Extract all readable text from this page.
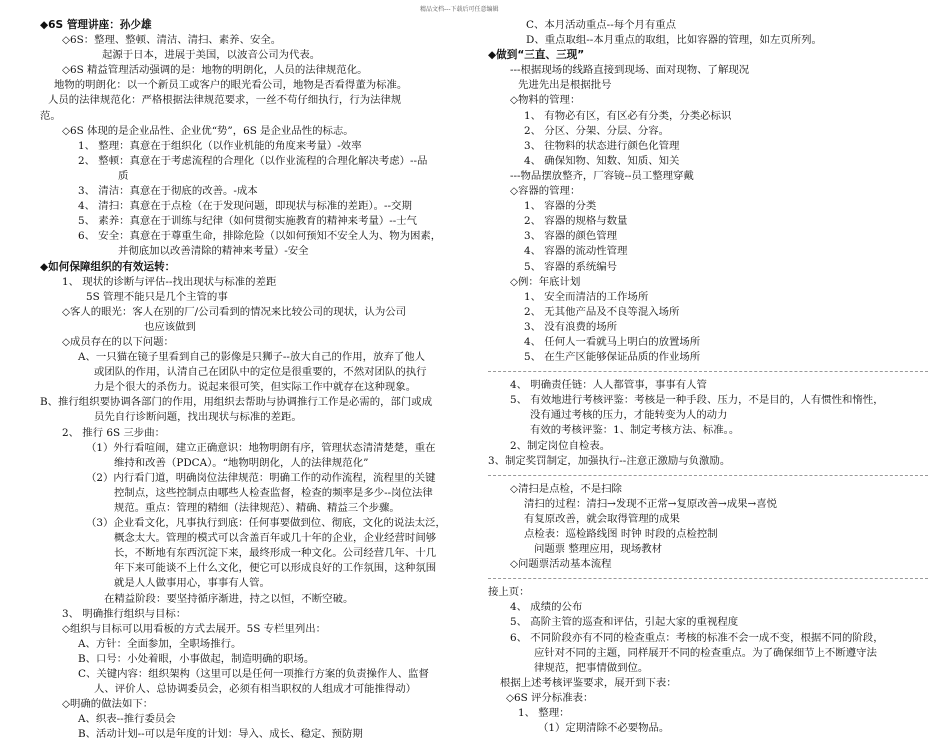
精品文档---下载后可任意编辑
◆6S 管理讲座：孙少雄
◇6S：整理、整顿、清洁、清扫、素养、安全。
起源于日本，进展于美国，以波音公司为代表。
◇6S 精益管理活动强调的是：地物的明朗化，人员的法律规范化。
地物的明朗化：以一个新员工或客户的眼光看公司，地物是否看得董为标准。
人员的法律规范化：严格根据法律规范要求，一丝不苟仔细执行，行为法律规
范。
◇6S 体现的是企业品性、企业优“势”，6S 是企业品性的标志。
1、 整理：真意在于组织化（以作业机能的角度来考量）-效率
2、 整顿：真意在于考虑流程的合理化（以作业流程的合理化解决考虑）--品
质
3、 清洁：真意在于彻底的改善。-成本
4、 清扫：真意在于点检（在于发现问题，即现状与标准的差距）。--交期
5、 素养：真意在于训练与纪律（如何贯彻实施教育的精神来考量）--士气
6、 安全：真意在于尊重生命，排除危险（以如何预知不安全人为、物为困素，
并彻底加以改善清除的精神来考量）-安全
◆如何保障组织的有效运转：
1、 现状的诊断与评估--找出现状与标准的差距
5S 管理不能只是几个主管的事
◇客人的眼光：客人在别的厂/公司看到的情况来比较公司的现状，认为公司
也应该做到
◇成员存在的以下问题：
A、一只猫在镜子里看到自己的影像是只狮子--放大自己的作用，放弃了他人
或团队的作用，认清自己在团队中的定位是很重要的，不然对团队的执行
力是个很大的杀伤力。说起来很可笑，但实际工作中就存在这种现象。
B、推行组织要协调各部门的作用，用组织去帮助与协调推行工作是必需的，部门或成
员先自行诊断问题，找出现状与标准的差距。
2、 推行 6S 三步曲：
（1）外行看喧闹，建立正确意识：地物明朗有序，管理状态清清楚楚，重在
维持和改善（PDCA）。“地物明朗化，人的法律规范化”
（2）内行看门道，明确岗位法律规范：明确工作的动作流程，流程里的关键
控制点，这些控制点由哪些人检查监督，检查的频率是多少--岗位法律
规范。重点：管理的精细（法律规范）、精确、精益三个步骤。
（3）企业看文化，凡事执行到底：任何事要做到位、彻底，文化的说法太泛，
概念太大。管理的模式可以含盖百年或几十年的企业，企业经营时间够
长，不断地有东西沉淀下来，最终形成一种文化。公司经营几年、十几
年下来可能谈不上什么文化，便它可以形成良好的工作氛围，这种氛围
就是人人做事用心，事事有人管。
在精益阶段：要坚持循序渐进，持之以恒，不断空破。
3、 明确推行组织与目标：
◇组织与目标可以用看板的方式去展开。5S 专栏里列出：
A、方针：全面参加，全职场推行。
B、口号：小处着眼，小事做起，制造明确的职场。
C、关键内容：组织架构（这里可以是任何一项推行方案的负责操作人、监督
人、评价人、总协调委员会，必须有相当职权的人组成才可能推得动）
◇明确的做法如下：
A、织表--推行委员会
B、活动计划--可以是年度的计划：导入、成长、稳定、预防期
C、本月活动重点--每个月有重点
D、重点取组--本月重点的取组，比如容器的管理，如左页所列。
◆做到“三直、三现”
---根据现场的线路直接到现场、面对现物、了解现况
先进先出是根据批号
◇物料的管理：
1、 有物必有区，有区必有分类，分类必标识
2、 分区、分架、分层、分容。
3、 往物料的状态进行颜色化管理
4、 确保知物、知数、知质、知关
---物品摆放整齐，厂容镜--员工整理穿戴
◇容器的管理：
1、 容器的分类
2、 容器的规格与数量
3、 容器的颜色管理
4、 容器的流动性管理
5、 容器的系统编号
◇例：年底计划
1、 安全而清洁的工作场所
2、 无其他产品及不良等混入场所
3、 没有浪费的场所
4、 任何人一看就马上明白的放置场所
5、 在生产区能够保证品质的作业场所
4、 明确责任链：人人都管事，事事有人管
5、 有效地进行考核评鉴：考核是一种手段、压力，不是目的，人有惯性和惰性，
没有通过考核的压力，才能转变为人的动力
有效的考核评鉴：1、制定考核方法、标准。。
2、制定岗位自检表。
3、制定奖罚制定，加强执行--注意正激励与负激励。
◇清扫是点检，不是扫除
清扫的过程：清扫→发现不正常→复原改善→成果→喜悦
有复原改善，就会取得管理的成果
点检表：巡检路线图 时钟 时段的点检控制
问题票 整理应用，现场教材
◇问题票活动基本流程
接上页：
4、 成绩的公布
5、 高阶主管的巡查和评估，引起大家的重视程度
6、 不同阶段亦有不同的检查重点：考核的标准不会一成不变，根据不同的阶段，
应针对不同的主题，同样展开不同的检查重点。为了确保细节上不断遵守法
律规范，把事情做到位。
根据上述考核评鉴要求，展开到下表：
◇6S 评分标准表：
1、 整理：
（1）定期清除不必要物品。
